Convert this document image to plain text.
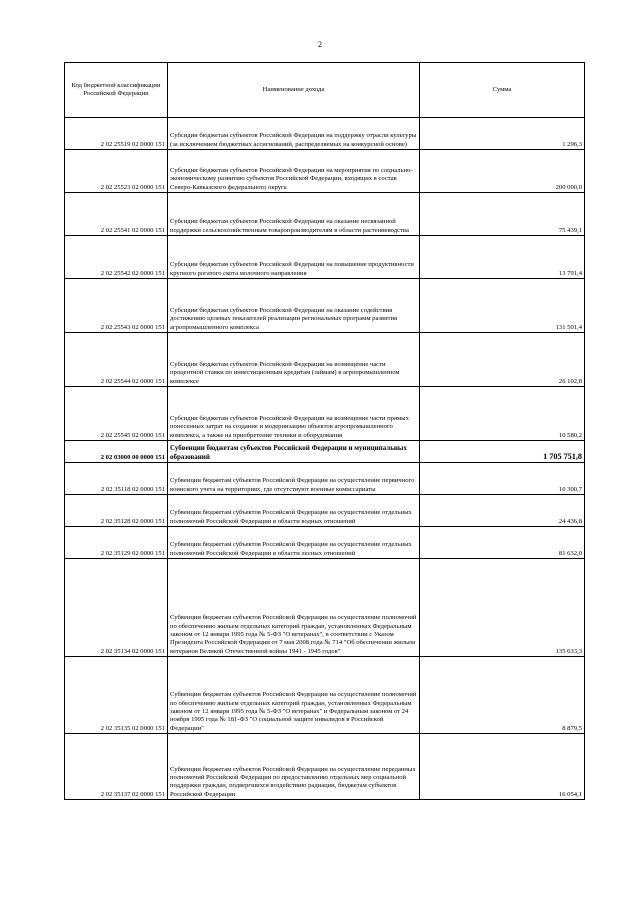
2
Код бюджетной классификации Российской Федерации	Наименование дохода	Сумма
2 02 25519 02 0000 151	Субсидии бюджетам субъектов Российской Федерации на поддержку отрасли культуры (за исключением бюджетных ассигнований, распределяемых на конкурсной основе)	1 296,3
2 02 25523 02 0000 151	Субсидии бюджетам субъектов Российской Федерации на мероприятия по социально-экономическому развитию субъектов Российской Федерации, входящих в состав Северо-Кавказского федерального округа	200 000,0
2 02 25541 02 0000 151	Субсидии бюджетам субъектов Российской Федерации на оказание несвязанной поддержки сельскохозяйственным товаропроизводителям в области растениеводства	75 439,1
2 02 25542 02 0000 151	Субсидии бюджетам субъектов Российской Федерации на повышение продуктивности крупного рогатого скота молочного направления	13 791,4
2 02 25543 02 0000 151	Субсидии бюджетам субъектов Российской Федерации на оказание содействия достижению целевых показателей реализации региональных программ развития агропромышленного комплекса	131 501,4
2 02 25544 02 0000 151	Субсидии бюджетам субъектов Российской Федерации на возмещение части процентной ставки по инвестиционным кредитам (займам) в агропромышленном комплексе	26 102,8
2 02 25545 02 0000 151	Субсидии бюджетам субъектов Российской Федерации на возмещение части прямых понесенных затрат на создание и модернизацию объектов агропромышленного комплекса, а также на приобретение техники и оборудования	10 580,2
2 02 03000 00 0000 151	Субвенции бюджетам субъектов Российской Федерации и муниципальных образований	1 705 751,8
2 02 35118 02 0000 151	Субвенции бюджетам субъектов Российской Федерации на осуществление первичного воинского учета на территориях, где отсутствуют военные комиссариаты	10 300,7
2 02 35128 02 0000 151	Субвенции бюджетам субъектов Российской Федерации на осуществление отдельных полномочий Российской Федерации в области водных отношений	24 436,8
2 02 35129 02 0000 151	Субвенции бюджетам субъектов Российской Федерации на осуществление отдельных полномочий Российской Федерации в области лесных отношений	81 632,0
2 02 35134 02 0000 151	Субвенции бюджетам субъектов Российской Федерации на осуществление полномочий по обеспечению жильем отдельных категорий граждан, установленных Федеральным законом от 12 января 1995 года № 5-ФЗ "О ветеранах", в соответствии с Указом Президента Российской Федерации от 7 мая 2008 года № 714 "Об обеспечении жильем ветеранов Великой Отечественной войны 1941 - 1945 годов"	135 633,3
2 02 35135 02 0000 151	Субвенции бюджетам субъектов Российской Федерации на осуществление полномочий по обеспечению жильем отдельных категорий граждан, установленных Федеральным законом от 12 января 1995 года № 5-ФЗ "О ветеранах" и Федеральным законом от 24 ноября 1995 года № 181-ФЗ "О социальной защите инвалидов в Российской Федерации"	8 879,5
2 02 35137 02 0000 151	Субвенции бюджетам субъектов Российской Федерации на осуществление переданных полномочий Российской Федерации по предоставлению отдельных мер социальной поддержки граждан, подвергшихся воздействию радиации, бюджетам субъектов Российской Федерации	16 054,1
